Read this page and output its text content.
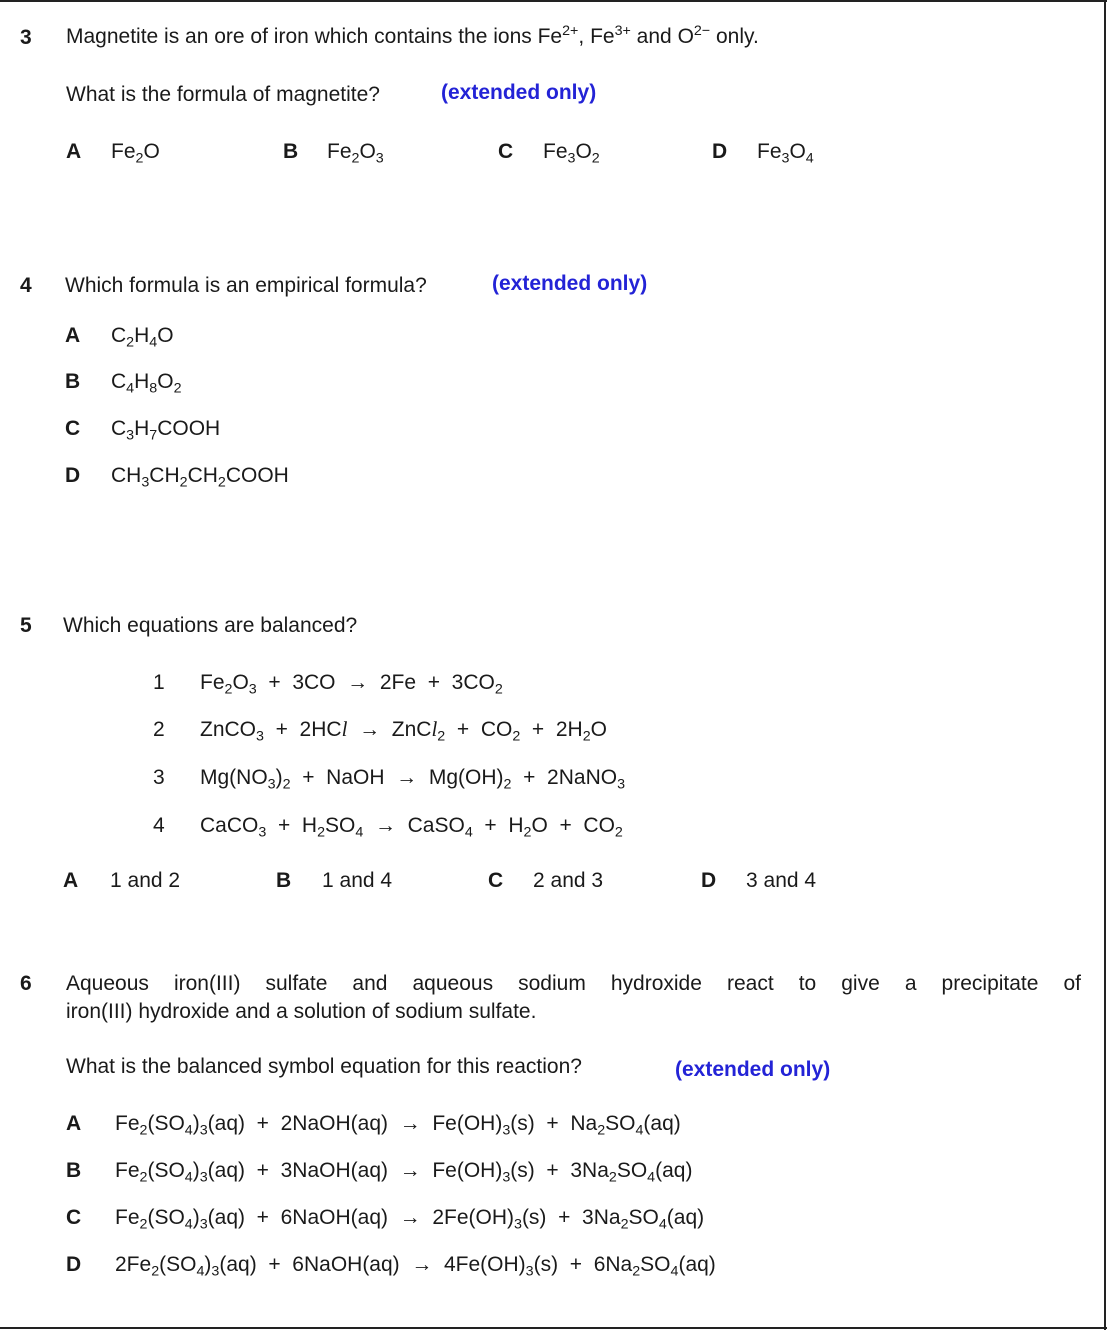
3 Magnetite is an ore of iron which contains the ions $Fe^{2+}$, $Fe^{3+}$ and $O^{2-}$ only.
What is the formula of magnetite?	(extended only)
A $Fe_2O$	B $Fe_2O_3$	C $Fe_3O_2$	D $Fe_3O_4$
4 Which formula is an empirical formula?	(extended only)
A $C_2H_4O$
B $C_4H_8O_2$
C $C_3H_7COOH$
D $CH_3CH_2CH_2COOH$
5 Which equations are balanced?
1 $Fe_2O_3 + 3CO \to 2Fe + 3CO_2$
2 ZnCO$_3$  +  2HCl  →  ZnCl$_2$  +  $CO_2 + 2H_2O$
3 $Mg(NO_3)_2$  +  NaOH  →  $Mg(OH)_2$  +  2NaNO$_3$
4 CaCO$_3$  +  $H_2SO_4$  →  CaSO$_4$  +  $H_2O + CO_2$
A 1 and 2	B 1 and 4	C 2 and 3	D 3 and 4
6 Aqueous iron(III) sulfate and aqueous sodium hydroxide react to give a precipitate of
iron(III) hydroxide and a solution of sodium sulfate.
What is the balanced symbol equation for this reaction?	(extended only)
A $Fe_2(SO_4)_3(aq)$  +  2NaOH(aq)  →  $Fe(OH)_3(s) + Na_2SO_4(aq)$
B $Fe_2(SO_4)_3(aq)$  +  3NaOH(aq)  →  $Fe(OH)_3(s) + 3Na_2SO_4(aq)$
C $Fe_2(SO_4)_3(aq)$  +  6NaOH(aq)  →  $2Fe(OH)_3(s) + 3Na_2SO_4(aq)$
D $2Fe_2(SO_4)_3(aq)$  +  6NaOH(aq)  →  $4Fe(OH)_3(s) + 6Na_2SO_4(aq)$
